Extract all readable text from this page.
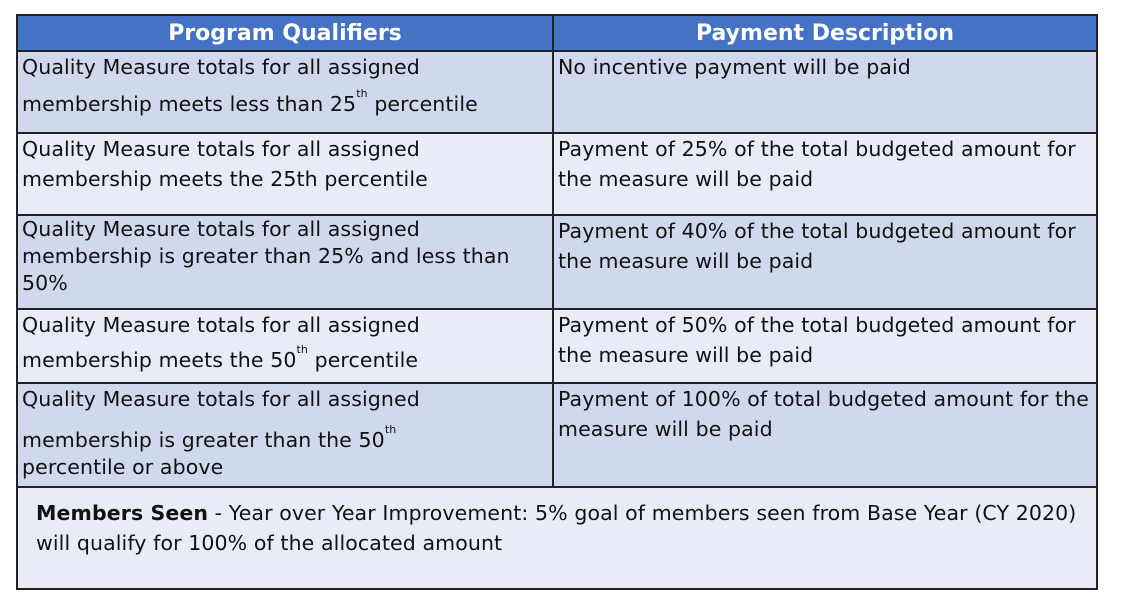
Program Qualifiers	Payment Description
Quality Measure totals for all assigned
membership meets less than 25th percentile	No incentive payment will be paid
Quality Measure totals for all assigned membership meets the 25th percentile	Payment of 25% of the total budgeted amount for the measure will be paid
Quality Measure totals for all assigned membership is greater than 25% and less than 50%	Payment of 40% of the total budgeted amount for the measure will be paid
Quality Measure totals for all assigned
membership meets the 50th percentile	Payment of 50% of the total budgeted amount for the measure will be paid
Quality Measure totals for all assigned
membership is greater than the 50th
percentile or above	Payment of 100% of total budgeted amount for the measure will be paid
Members Seen - Year over Year Improvement: 5% goal of members seen from Base Year (CY 2020) will qualify for 100% of the allocated amount	
